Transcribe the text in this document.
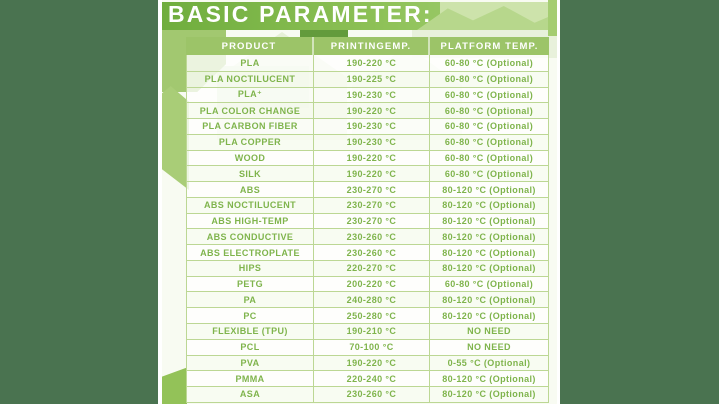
BASIC PARAMETER:
PRODUCT	PRINTINGEMP.	PLATFORM TEMP.
PLA	190-220 °C	60-80 °C (Optional)
PLA NOCTILUCENT	190-225 °C	60-80 °C (Optional)
PLA⁺	190-230 °C	60-80 °C (Optional)
PLA COLOR CHANGE	190-220 °C	60-80 °C (Optional)
PLA CARBON FIBER	190-230 °C	60-80 °C (Optional)
PLA COPPER	190-230 °C	60-80 °C (Optional)
WOOD	190-220 °C	60-80 °C (Optional)
SILK	190-220 °C	60-80 °C (Optional)
ABS	230-270 °C	80-120 °C (Optional)
ABS NOCTILUCENT	230-270 °C	80-120 °C (Optional)
ABS HIGH-TEMP	230-270 °C	80-120 °C (Optional)
ABS CONDUCTIVE	230-260 °C	80-120 °C (Optional)
ABS ELECTROPLATE	230-260 °C	80-120 °C (Optional)
HIPS	220-270 °C	80-120 °C (Optional)
PETG	200-220 °C	60-80 °C (Optional)
PA	240-280 °C	80-120 °C (Optional)
PC	250-280 °C	80-120 °C (Optional)
FLEXIBLE (TPU)	190-210 °C	NO NEED
PCL	70-100 °C	NO NEED
PVA	190-220 °C	0-55 °C (Optional)
PMMA	220-240 °C	80-120 °C (Optional)
ASA	230-260 °C	80-120 °C (Optional)
